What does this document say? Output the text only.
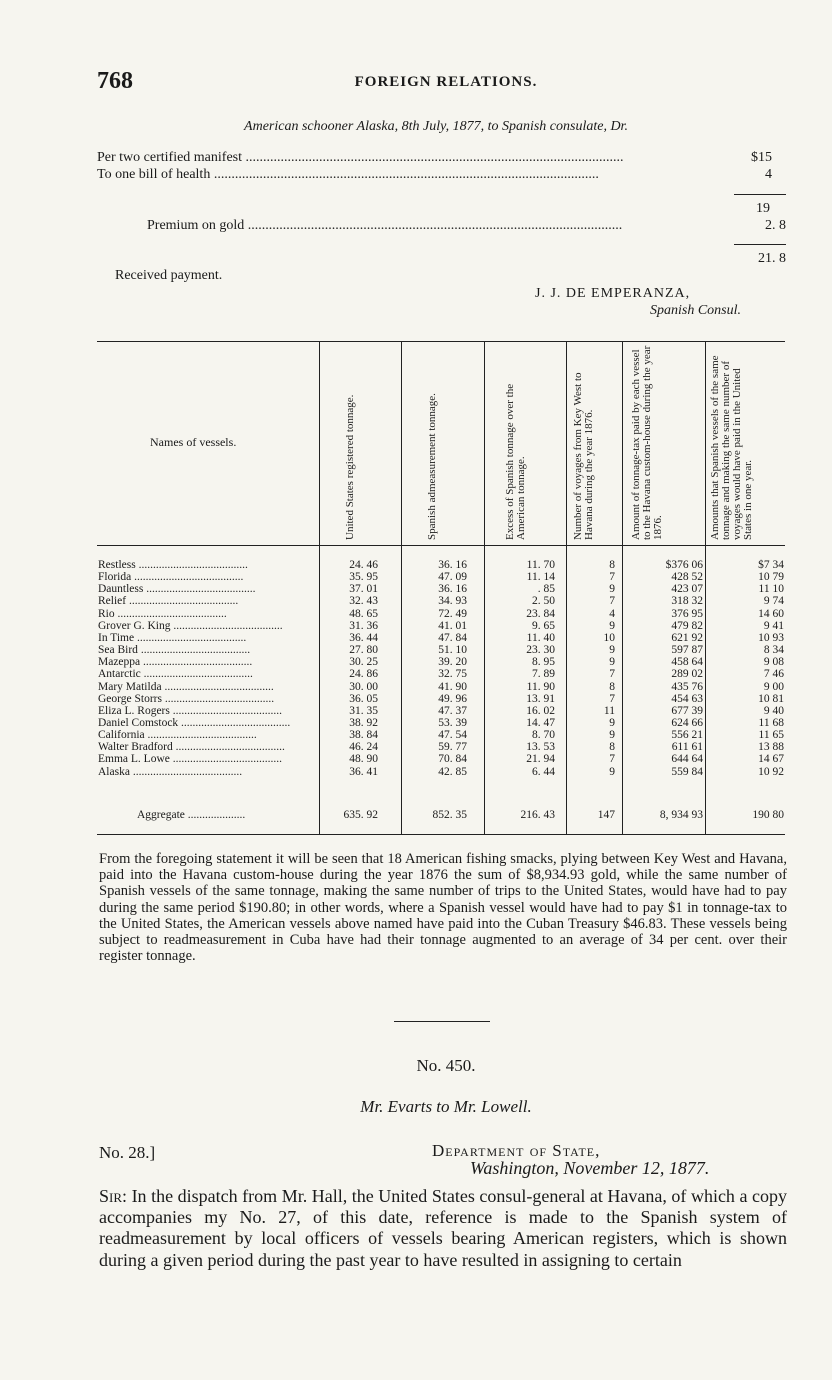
768	FOREIGN RELATIONS.
American schooner Alaska, 8th July, 1877, to Spanish consulate, Dr.
Per two certified manifest ............................................................................................................	$15
To one bill of health ..............................................................................................................	4
19
Premium on gold ...........................................................................................................	2. 8
21. 8
Received payment.
J. J. DE EMPERANZA,
Spanish Consul.
Names of vessels.	United States registered tonnage.	Spanish admeasurement tonnage.	Excess of Spanish tonnage over the American tonnage.	Number of voyages from Key West to Havana during the year 1876.	Amount of tonnage-tax paid by each vessel to the Havana custom-house during the year 1876.	Amounts that Spanish vessels of the same tonnage and making the same number of voyages would have paid in the United States in one year.
Restless ......................................	24. 46	36. 16	11. 70	8	$376 06	$7 34
Florida ......................................	35. 95	47. 09	11. 14	7	428 52	10 79
Dauntless ......................................	37. 01	36. 16	. 85	9	423 07	11 10
Relief ......................................	32. 43	34. 93	2. 50	7	318 32	9 74
Rio ......................................	48. 65	72. 49	23. 84	4	376 95	14 60
Grover G. King ......................................	31. 36	41. 01	9. 65	9	479 82	9 41
In Time ......................................	36. 44	47. 84	11. 40	10	621 92	10 93
Sea Bird ......................................	27. 80	51. 10	23. 30	9	597 87	8 34
Mazeppa ......................................	30. 25	39. 20	8. 95	9	458 64	9 08
Antarctic ......................................	24. 86	32. 75	7. 89	7	289 02	7 46
Mary Matilda ......................................	30. 00	41. 90	11. 90	8	435 76	9 00
George Storrs ......................................	36. 05	49. 96	13. 91	7	454 63	10 81
Eliza L. Rogers ......................................	31. 35	47. 37	16. 02	11	677 39	9 40
Daniel Comstock ......................................	38. 92	53. 39	14. 47	9	624 66	11 68
California ......................................	38. 84	47. 54	8. 70	9	556 21	11 65
Walter Bradford ......................................	46. 24	59. 77	13. 53	8	611 61	13 88
Emma L. Lowe ......................................	48. 90	70. 84	21. 94	7	644 64	14 67
Alaska ......................................	36. 41	42. 85	6. 44	9	559 84	10 92
Aggregate ....................	635. 92	852. 35	216. 43	147	8, 934 93	190 80
From the foregoing statement it will be seen that 18 American fishing smacks, plying between Key West and Havana, paid into the Havana custom-house during the year 1876 the sum of $8,934.93 gold, while the same number of Spanish vessels of the same tonnage, making the same number of trips to the United States, would have had to pay during the same period $190.80; in other words, where a Spanish vessel would have had to pay $1 in tonnage-tax to the United States, the American vessels above named have paid into the Cuban Treasury $46.83. These vessels being subject to readmeasurement in Cuba have had their tonnage augmented to an average of 34 per cent. over their register tonnage.
No. 450.
Mr. Evarts to Mr. Lowell.
No. 28.]	Department of State,
Washington, November 12, 1877.
Sir: In the dispatch from Mr. Hall, the United States consul-general at Havana, of which a copy accompanies my No. 27, of this date, reference is made to the Spanish system of readmeasurement by local officers of vessels bearing American registers, which is shown during a given period during the past year to have resulted in assigning to certain
